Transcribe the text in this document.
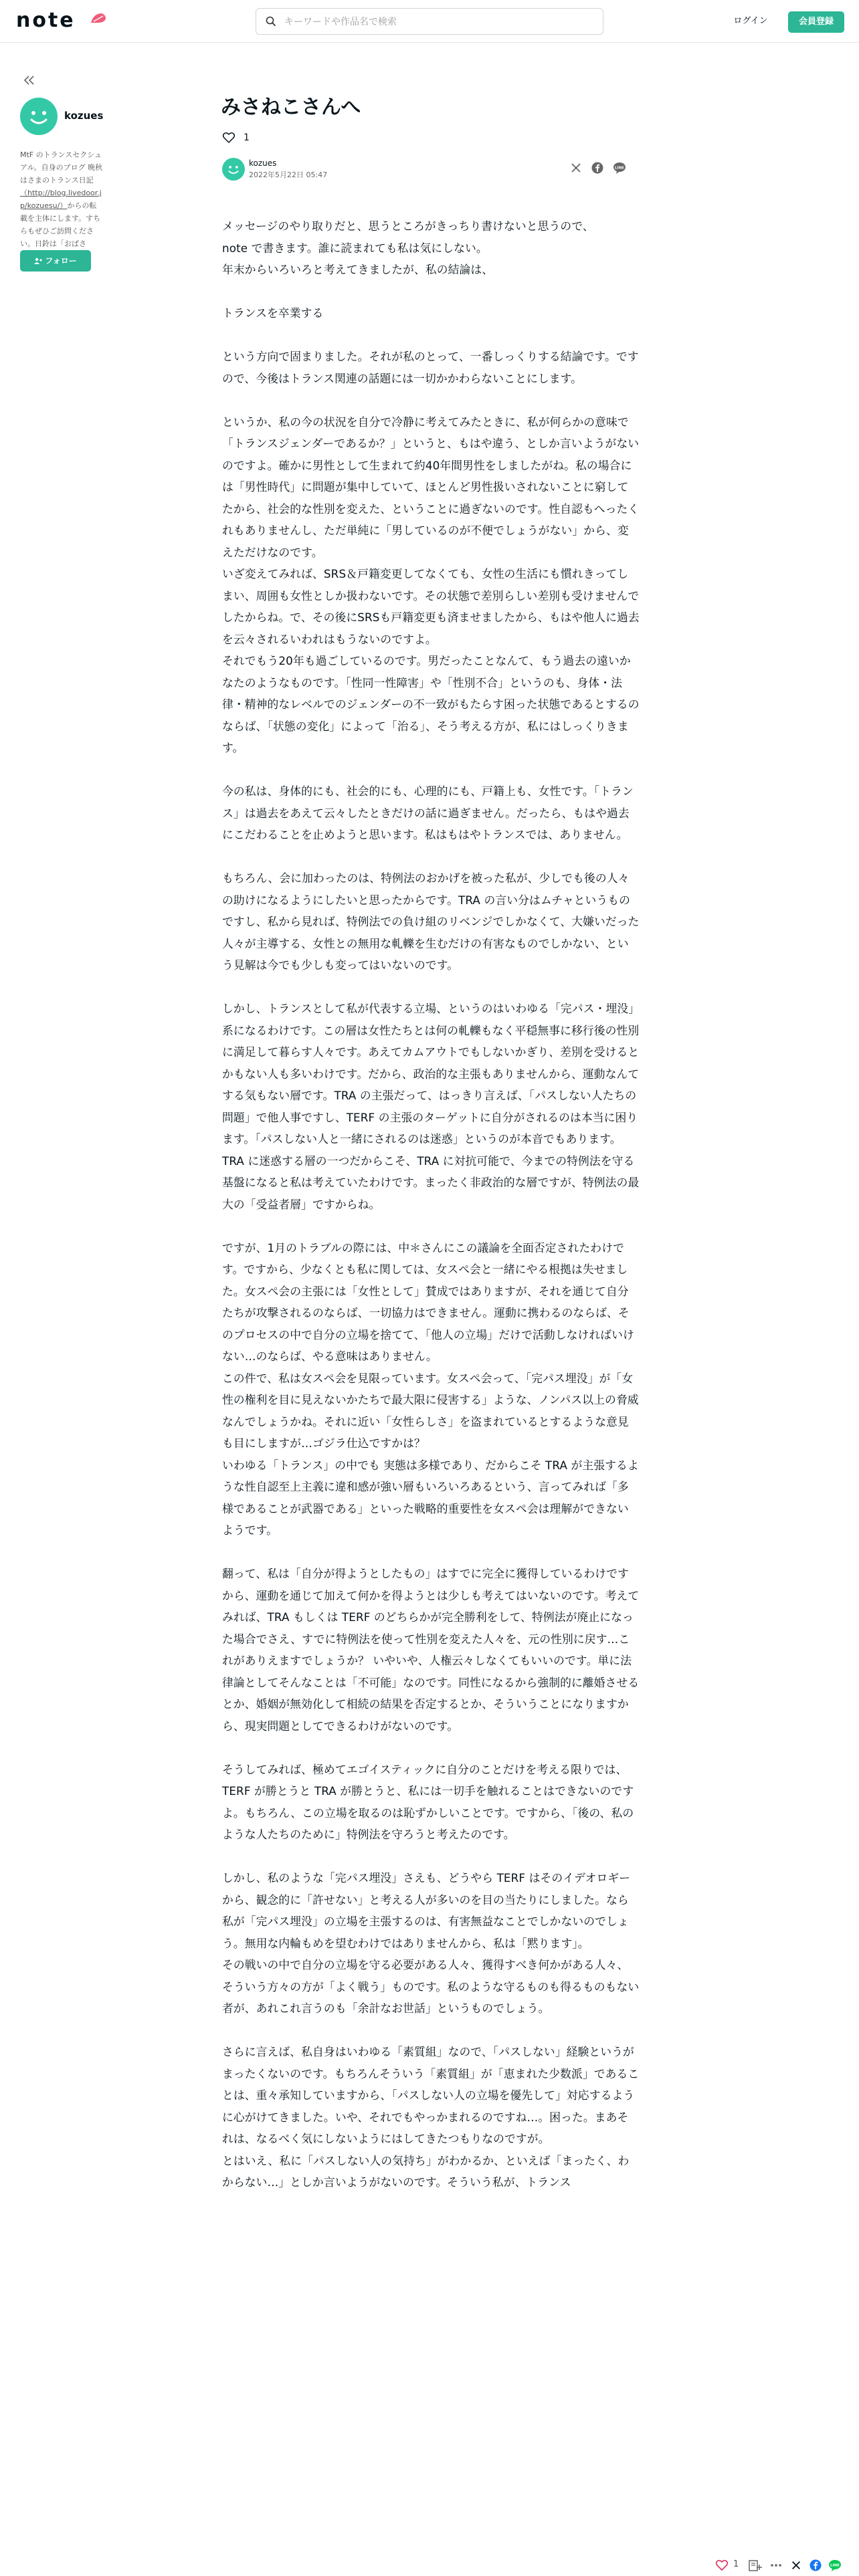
note
キーワードや作品名で検索	ログイン	会員登録
kozues
MtF のトランスセクシュアル。自身のブログ 晩秋はさまのトランス日記（http://blog.livedoor.jp/kozuesu/）からの転載を主体にします。すちらもぜひご訪問ください。日鈴は「おばさ
フォロー
みさねこさんへ
1
kozues
2022年5月22日 05:47
LINE

メッセージのやり取りだと、思うところがきっちり書けないと思うので、
note で書きます。誰に読まれても私は気にしない。
年末からいろいろと考えてきましたが、私の結論は、

トランスを卒業する

という方向で固まりました。それが私のとって、一番しっくりする結論です。ですので、今後はトランス関連の話題には一切かかわらないことにします。

というか、私の今の状況を自分で冷静に考えてみたときに、私が何らかの意味で「トランスジェンダーであるか？」というと、もはや違う、としか言いようがないのですよ。確かに男性として生まれて約40年間男性をしましたがね。私の場合には「男性時代」に問題が集中していて、ほとんど男性扱いされないことに窮してたから、社会的な性別を変えた、ということに過ぎないのです。性自認もへったくれもありませんし、ただ単純に「男しているのが不便でしょうがない」から、変えただけなのです。
いざ変えてみれば、SRS＆戸籍変更してなくても、女性の生活にも慣れきってしまい、周囲も女性としか扱わないです。その状態で差別らしい差別も受けませんでしたからね。で、その後にSRSも戸籍変更も済ませましたから、もはや他人に過去を云々されるいわれはもうないのですよ。
それでもう20年も過ごしているのです。男だったことなんて、もう過去の遠いかなたのようなものです。「性同一性障害」や「性別不合」というのも、身体・法律・精神的なレベルでのジェンダーの不一致がもたらす困った状態であるとするのならば、「状態の変化」によって「治る」、そう考える方が、私にはしっくりきます。

今の私は、身体的にも、社会的にも、心理的にも、戸籍上も、女性です。「トランス」は過去をあえて云々したときだけの話に過ぎません。だったら、もはや過去にこだわることを止めようと思います。私はもはやトランスでは、ありません。

もちろん、会に加わったのは、特例法のおかげを被った私が、少しでも後の人々の助けになるようにしたいと思ったからです。TRA の言い分はムチャというものですし、私から見れば、特例法での負け組のリベンジでしかなくて、大嫌いだった人々が主導する、女性との無用な軋轢を生むだけの有害なものでしかない、という見解は今でも少しも変ってはいないのです。

しかし、トランスとして私が代表する立場、というのはいわゆる「完パス・埋没」系になるわけです。この層は女性たちとは何の軋轢もなく平穏無事に移行後の性別に満足して暮らす人々です。あえてカムアウトでもしないかぎり、差別を受けるとかもない人も多いわけです。だから、政治的な主張もありませんから、運動なんてする気もない層です。TRA の主張だって、はっきり言えば、「パスしない人たちの問題」で他人事ですし、TERF の主張のターゲットに自分がされるのは本当に困ります。「パスしない人と一緒にされるのは迷惑」というのが本音でもあります。TRA に迷惑する層の一つだからこそ、TRA に対抗可能で、今までの特例法を守る基盤になると私は考えていたわけです。まったく非政治的な層ですが、特例法の最大の「受益者層」ですからね。

ですが、1月のトラブルの際には、中＊さんにこの議論を全面否定されたわけです。ですから、少なくとも私に関しては、女スペ会と一緒にやる根拠は失せました。女スペ会の主張には「女性として」賛成ではありますが、それを通じて自分たちが攻撃されるのならば、一切協力はできません。運動に携わるのならば、そのプロセスの中で自分の立場を捨てて、「他人の立場」だけで活動しなければいけない…のならば、やる意味はありません。
この件で、私は女スペ会を見限っています。女スペ会って、「完パス埋没」が「女性の権利を目に見えないかたちで最大限に侵害する」ような、ノンパス以上の脅威なんでしょうかね。それに近い「女性らしさ」を盗まれているとするような意見も目にしますが…ゴジラ仕込ですかは？
いわゆる「トランス」の中でも 実態は多様であり、だからこそ TRA が主張するような性自認至上主義に違和感が強い層もいろいろあるという、言ってみれば「多様であることが武器である」といった戦略的重要性を女スペ会は理解ができないようです。

翻って、私は「自分が得ようとしたもの」はすでに完全に獲得しているわけですから、運動を通じて加えて何かを得ようとは少しも考えてはいないのです。考えてみれば、TRA もしくは TERF のどちらかが完全勝利をして、特例法が廃止になった場合でさえ、すでに特例法を使って性別を変えた人々を、元の性別に戻す…これがありえますでしょうか？ いやいや、人権云々しなくてもいいのです。単に法律論としてそんなことは「不可能」なのです。同性になるから強制的に離婚させるとか、婚姻が無効化して相続の結果を否定するとか、そういうことになりますから、現実問題としてできるわけがないのです。

そうしてみれば、極めてエゴイスティックに自分のことだけを考える限りでは、TERF が勝とうと TRA が勝とうと、私には一切手を触れることはできないのですよ。もちろん、この立場を取るのは恥ずかしいことです。ですから、「後の、私のような人たちのために」特例法を守ろうと考えたのです。

しかし、私のような「完パス埋没」さえも、どうやら TERF はそのイデオロギーから、観念的に「許せない」と考える人が多いのを目の当たりにしました。なら私が「完パス埋没」の立場を主張するのは、有害無益なことでしかないのでしょう。無用な内輪もめを望むわけではありませんから、私は「黙ります」。
その戦いの中で自分の立場を守る必要がある人々、獲得すべき何かがある人々、そういう方々の方が「よく戦う」ものです。私のような守るものも得るものもない者が、あれこれ言うのも「余計なお世話」というものでしょう。

さらに言えば、私自身はいわゆる「素質組」なので、「パスしない」経験というがまったくないのです。もちろんそういう「素質組」が「恵まれた少数派」であることは、重々承知していますから、「パスしない人の立場を優先して」対応するように心がけてきました。いや、それでもやっかまれるのですね…。困った。まあそれは、なるべく気にしないようにはしてきたつもりなのですが。
とはいえ、私に「パスしない人の気持ち」がわかるか、といえば「まったく、わからない…」としか言いようがないのです。そういう私が、トランス

1	LINE
